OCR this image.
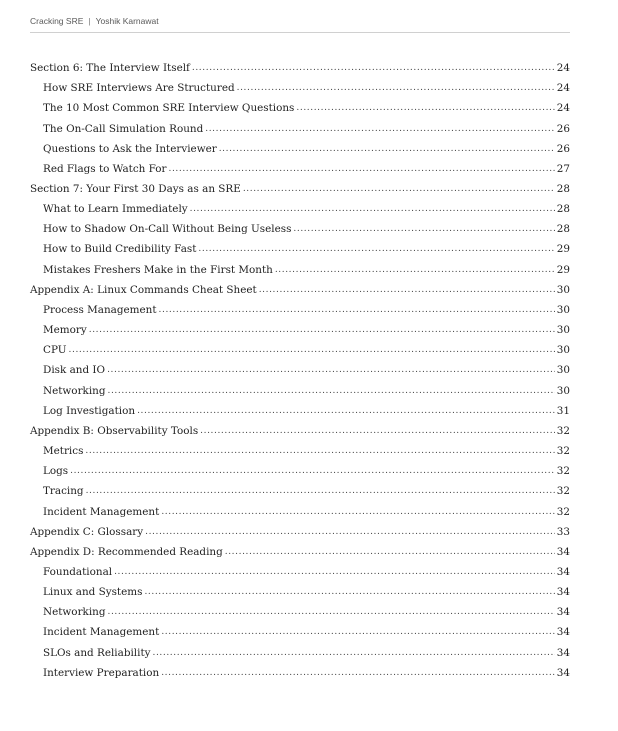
Cracking SRE | Yoshik Karnawat
Section 6: The Interview Itself .....	24
How SRE Interviews Are Structured .....	24
The 10 Most Common SRE Interview Questions .....	24
The On-Call Simulation Round .....	26
Questions to Ask the Interviewer .....	26
Red Flags to Watch For .....	27
Section 7: Your First 30 Days as an SRE .....	28
What to Learn Immediately .....	28
How to Shadow On-Call Without Being Useless .....	28
How to Build Credibility Fast .....	29
Mistakes Freshers Make in the First Month .....	29
Appendix A: Linux Commands Cheat Sheet .....	30
Process Management .....	30
Memory .....	30
CPU .....	30
Disk and IO .....	30
Networking .....	30
Log Investigation .....	31
Appendix B: Observability Tools .....	32
Metrics .....	32
Logs .....	32
Tracing .....	32
Incident Management .....	32
Appendix C: Glossary .....	33
Appendix D: Recommended Reading .....	34
Foundational .....	34
Linux and Systems .....	34
Networking .....	34
Incident Management .....	34
SLOs and Reliability .....	34
Interview Preparation .....	34
